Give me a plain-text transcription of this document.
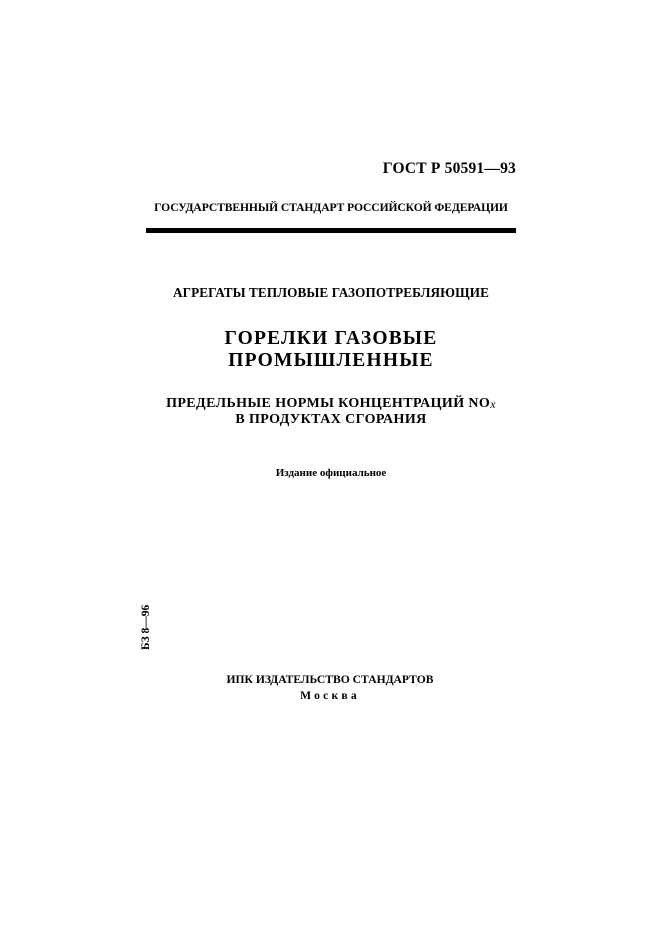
ГОСТ Р 50591—93
ГОСУДАРСТВЕННЫЙ СТАНДАРТ РОССИЙСКОЙ ФЕДЕРАЦИИ
АГРЕГАТЫ ТЕПЛОВЫЕ ГАЗОПОТРЕБЛЯЮЩИЕ
ГОРЕЛКИ ГАЗОВЫЕ
ПРОМЫШЛЕННЫЕ
ПРЕДЕЛЬНЫЕ НОРМЫ КОНЦЕНТРАЦИЙ NOx
В ПРОДУКТАХ СГОРАНИЯ
Издание официальное
БЗ 8—96
ИПК ИЗДАТЕЛЬСТВО СТАНДАРТОВ
Москва
